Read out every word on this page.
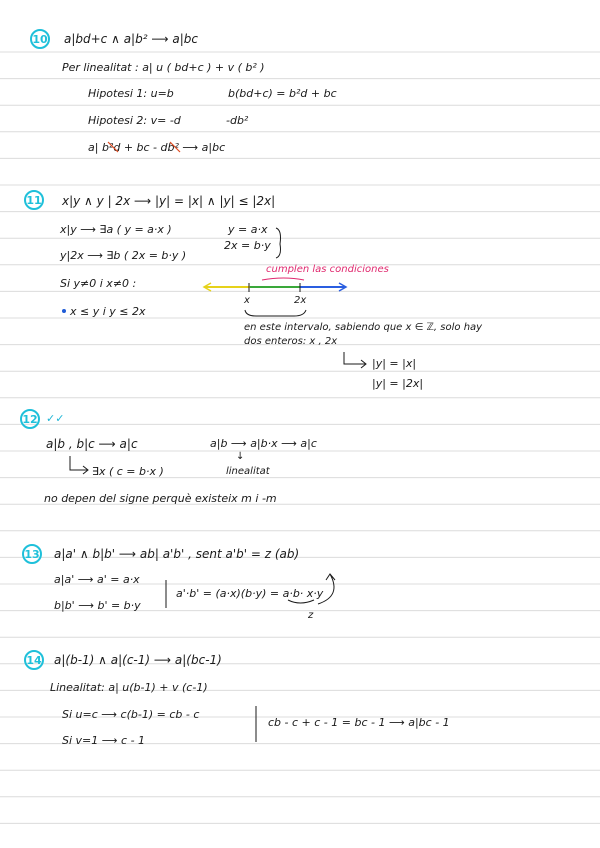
10 a|bd+c ∧ a|b² ⟶ a|bc
Per linealitat : a| u ( bd+c ) + v ( b² )
Hipotesi 1: u=b	b(bd+c) = b²d + bc
Hipotesi 2: v= -d	-db²
a| b²d + bc - db² ⟶ a|bc
11 x|y ∧ y | 2x ⟶ |y| = |x| ∧ |y| ≤ |2x|
x|y ⟶ ∃a ( y = a·x )	y = a·x
y|2x ⟶ ∃b ( 2x = b·y )
2x = b·y
Si y≠0 i x≠0 :
cumplen las condiciones
x	2x
x ≤ y i y ≤ 2x
en este intervalo, sabiendo que x ∈ ℤ, solo hay
dos enteros: x , 2x
|y| = |x|
|y| = |2x|
12 ✓✓
a|b , b|c ⟶ a|c	a|b ⟶ a|b·x ⟶ a|c
↓
∃x ( c = b·x )	linealitat
no depen del signe perquè existeix m i -m
13 a|a' ∧ b|b' ⟶ ab| a'b' , sent a'b' = z (ab)
a|a' ⟶ a' = a·x
b|b' ⟶ b' = b·y
a'·b' = (a·x)(b·y) = a·b· x·y
z
14 a|(b-1) ∧ a|(c-1) ⟶ a|(bc-1)
Linealitat: a| u(b-1) + v (c-1)
Si u=c ⟶ c(b-1) = cb - c
Si v=1 ⟶ c - 1
cb - c + c - 1 = bc - 1 ⟶ a|bc - 1
